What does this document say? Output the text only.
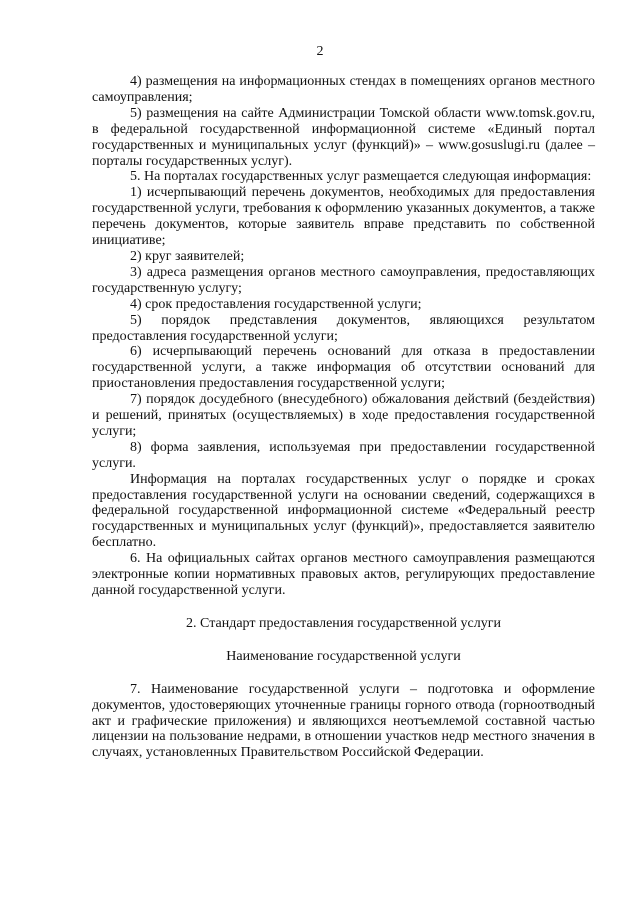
2

4) размещения на информационных стендах в помещениях органов местного самоуправления;

5) размещения на сайте Администрации Томской области www.tomsk.gov.ru, в федеральной государственной информационной системе «Единый портал государственных и муниципальных услуг (функций)» – www.gosuslugi.ru (далее – порталы государственных услуг).

5. На порталах государственных услуг размещается следующая информация:

1) исчерпывающий перечень документов, необходимых для предоставления государственной услуги, требования к оформлению указанных документов, а также перечень документов, которые заявитель вправе представить по собственной инициативе;

2) круг заявителей;

3) адреса размещения органов местного самоуправления, предоставляющих государственную услугу;

4) срок предоставления государственной услуги;

5) порядок представления документов, являющихся результатом предоставления государственной услуги;

6) исчерпывающий перечень оснований для отказа в предоставлении государственной услуги, а также информация об отсутствии оснований для приостановления предоставления государственной услуги;

7) порядок досудебного (внесудебного) обжалования действий (бездействия) и решений, принятых (осуществляемых) в ходе предоставления государственной услуги;

8) форма заявления, используемая при предоставлении государственной услуги.

Информация на порталах государственных услуг о порядке и сроках предоставления государственной услуги на основании сведений, содержащихся в федеральной государственной информационной системе «Федеральный реестр государственных и муниципальных услуг (функций)», предоставляется заявителю бесплатно.

6. На официальных сайтах органов местного самоуправления размещаются электронные копии нормативных правовых актов, регулирующих предоставление данной государственной услуги.

2. Стандарт предоставления государственной услуги

Наименование государственной услуги

7. Наименование государственной услуги – подготовка и оформление документов, удостоверяющих уточненные границы горного отвода (горноотводный акт и графические приложения) и являющихся неотъемлемой составной частью лицензии на пользование недрами, в отношении участков недр местного значения в случаях, установленных Правительством Российской Федерации.
